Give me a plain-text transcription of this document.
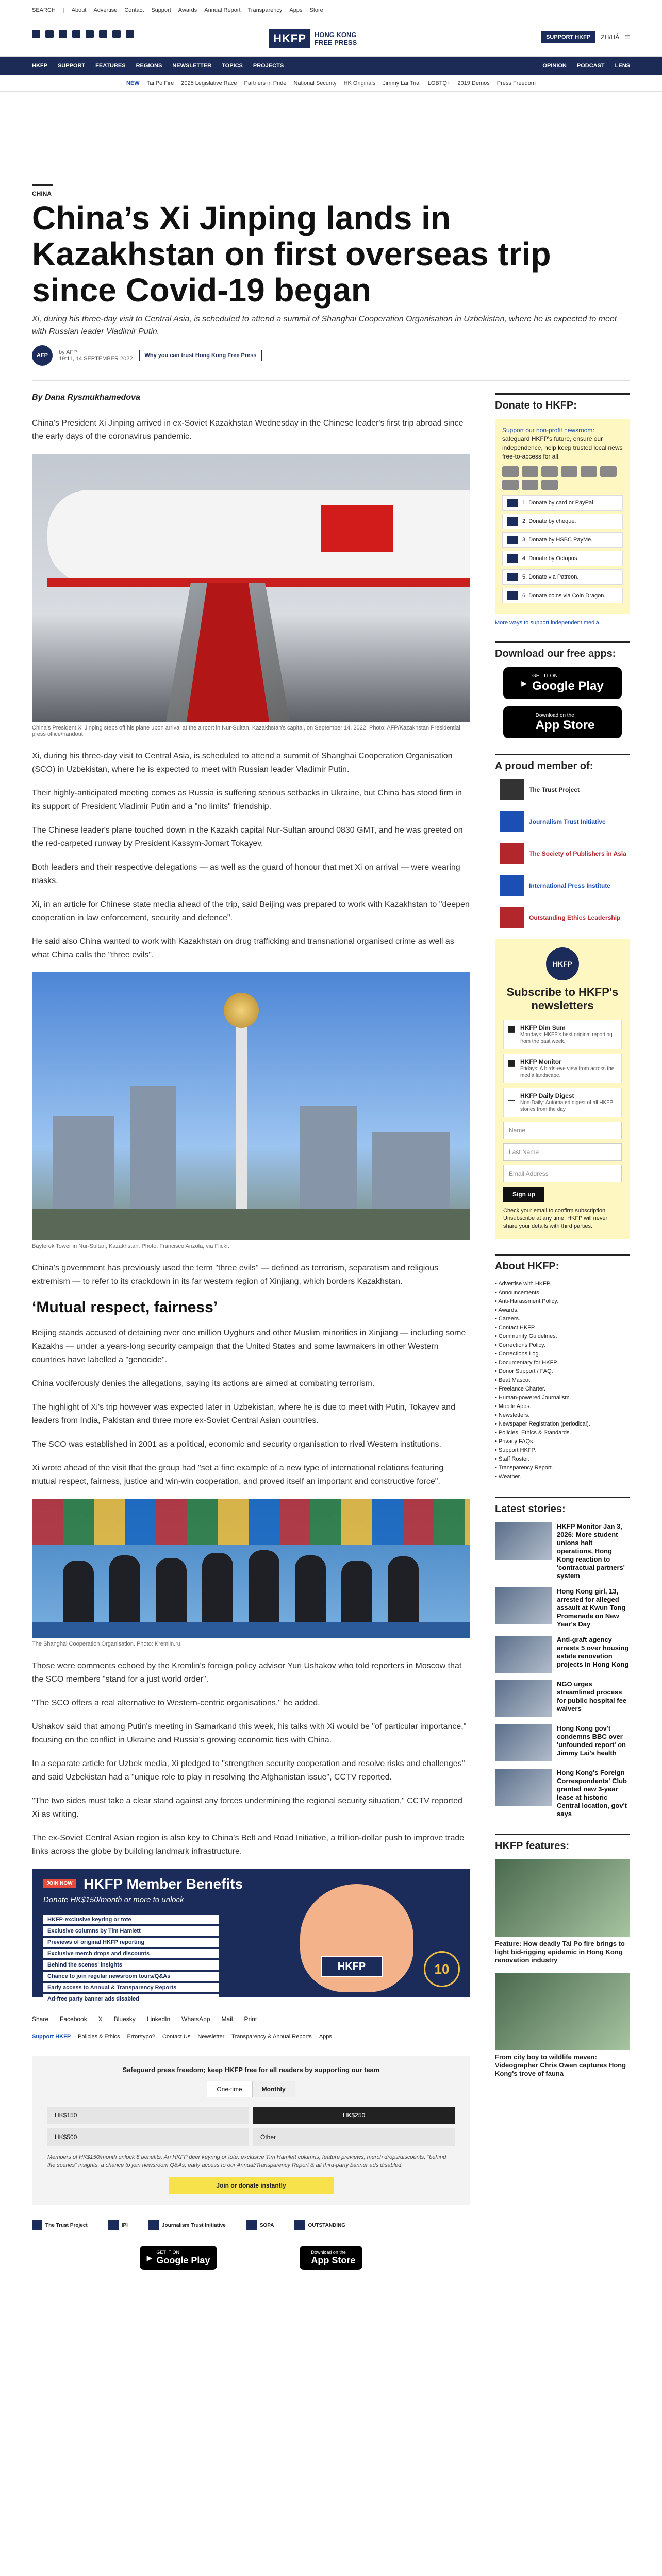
SEARCH | About Advertise Contact Support Awards Annual Report Transparency Apps Store
HKFP	HONG KONG
FREE PRESS
SUPPORT HKFP	ZH/HÅ ☰
HKFP SUPPORT FEATURES REGIONS NEWSLETTER TOPICS PROJECTS	OPINION PODCAST LENS
NEW Tai Po Fire 2025 Legislative Race Partners in Pride National Security HK Originals Jimmy Lai Trial LGBTQ+ 2019 Demos Press Freedom
CHINA
China’s Xi Jinping lands in Kazakhstan on first overseas trip since Covid-19 began
Xi, during his three-day visit to Central Asia, is scheduled to attend a summit of Shanghai Cooperation Organisation in Uzbekistan, where he is expected to meet with Russian leader Vladimir Putin.
AFP	by AFP
19:11, 14 SEPTEMBER 2022	Why you can trust Hong Kong Free Press
By Dana Rysmukhamedova

China's President Xi Jinping arrived in ex-Soviet Kazakhstan Wednesday in the Chinese leader's first trip abroad since the early days of the coronavirus pandemic.

China's President Xi Jinping steps off his plane upon arrival at the airport in Nur-Sultan, Kazakhstan's capital, on September 14, 2022. Photo: AFP/Kazakhstan Presidential press office/handout.

Xi, during his three-day visit to Central Asia, is scheduled to attend a summit of Shanghai Cooperation Organisation (SCO) in Uzbekistan, where he is expected to meet with Russian leader Vladimir Putin.

Their highly-anticipated meeting comes as Russia is suffering serious setbacks in Ukraine, but China has stood firm in its support of President Vladimir Putin and a "no limits" friendship.

The Chinese leader's plane touched down in the Kazakh capital Nur-Sultan around 0830 GMT, and he was greeted on the red-carpeted runway by President Kassym-Jomart Tokayev.

Both leaders and their respective delegations — as well as the guard of honour that met Xi on arrival — were wearing masks.

Xi, in an article for Chinese state media ahead of the trip, said Beijing was prepared to work with Kazakhstan to "deepen cooperation in law enforcement, security and defence".

He said also China wanted to work with Kazakhstan on drug trafficking and transnational organised crime as well as what China calls the "three evils".

Bayterek Tower in Nur-Sultan, Kazakhstan. Photo: Francisco Anzola, via Flickr.

China's government has previously used the term "three evils" — defined as terrorism, separatism and religious extremism — to refer to its crackdown in its far western region of Xinjiang, which borders Kazakhstan.

‘Mutual respect, fairness’

Beijing stands accused of detaining over one million Uyghurs and other Muslim minorities in Xinjiang — including some Kazakhs — under a years-long security campaign that the United States and some lawmakers in other Western countries have labelled a "genocide".

China vociferously denies the allegations, saying its actions are aimed at combating terrorism.

The highlight of Xi's trip however was expected later in Uzbekistan, where he is due to meet with Putin, Tokayev and leaders from India, Pakistan and three more ex-Soviet Central Asian countries.

The SCO was established in 2001 as a political, economic and security organisation to rival Western institutions.

Xi wrote ahead of the visit that the group had "set a fine example of a new type of international relations featuring mutual respect, fairness, justice and win-win cooperation, and proved itself an important and constructive force".

The Shanghai Cooperation Organisation. Photo: Kremlin.ru.

Those were comments echoed by the Kremlin's foreign policy advisor Yuri Ushakov who told reporters in Moscow that the SCO members "stand for a just world order".

"The SCO offers a real alternative to Western-centric organisations," he added.

Ushakov said that among Putin's meeting in Samarkand this week, his talks with Xi would be "of particular importance," focusing on the conflict in Ukraine and Russia's growing economic ties with China.

In a separate article for Uzbek media, Xi pledged to "strengthen security cooperation and resolve risks and challenges" and said Uzbekistan had a "unique role to play in resolving the Afghanistan issue", CCTV reported.

"The two sides must take a clear stand against any forces undermining the regional security situation," CCTV reported Xi as writing.

The ex-Soviet Central Asian region is also key to China's Belt and Road Initiative, a trillion-dollar push to improve trade links across the globe by building landmark infrastructure.

JOIN NOW HKFP Member Benefits
Donate HK$150/month or more to unlock
HKFP-exclusive keyring or tote
Exclusive columns by Tim Hamlett
Previews of original HKFP reporting
Exclusive merch drops and discounts
Behind the scenes' insights
Chance to join regular newsroom tours/Q&As
Early access to Annual & Transparency Reports
Ad-free party banner ads disabled
HKFP	10
Share Facebook X Bluesky LinkedIn WhatsApp Mail Print
Support HKFP Policies & Ethics Error/typo? Contact Us Newsletter Transparency & Annual Reports Apps
Safeguard press freedom; keep HKFP free for all readers by supporting our team
One-time	Monthly
HK$150	HK$250
HK$500	Other
Members of HK$150/month unlock 8 benefits: An HKFP deer keyring or tote, exclusive Tim Hamlett columns, feature previews, merch drops/discounts, "behind the scenes" insights, a chance to join newsroom Q&As, early access to our Annual/Transparency Report & all third-party banner ads disabled.
Join or donate instantly
The Trust Project	IPI	Journalism Trust Initiative	SOPA	OUTSTANDING
▶
GET IT ON
Google Play
Download on the
App Store
Donate to HKFP:
Support our non-profit newsroom: safeguard HKFP's future, ensure our independence, help keep trusted local news free-to-access for all.
1. Donate by card or PayPal.
2. Donate by cheque.
3. Donate by HSBC PayMe.
4. Donate by Octopus.
5. Donate via Patreon.
6. Donate coins via Coin Dragon.
More ways to support independent media.
Download our free apps:
▶
GET IT ON
Google Play
Download on the
App Store
A proud member of:
The Trust Project
Journalism Trust Initiative
The Society of Publishers in Asia
International Press Institute
Outstanding Ethics Leadership
HKFP
Subscribe to HKFP's newsletters
HKFP Dim Sum
Mondays: HKFP's best original reporting from the past week.
HKFP Monitor
Fridays: A birds-eye view from across the media landscape.
HKFP Daily Digest
Non-Daily: Automated digest of all HKFP stories from the day.
Name
Last Name
Email Address
Sign up
Check your email to confirm subscription. Unsubscribe at any time. HKFP will never share your details with third parties.
About HKFP:
• Advertise with HKFP.
• Announcements.
• Anti-Harassment Policy.
• Awards.
• Careers.
• Contact HKFP.
• Community Guidelines.
• Corrections Policy.
• Corrections Log.
• Documentary for HKFP.
• Donor Support / FAQ.
• Beat Mascot.
• Freelance Charter.
• Human-powered Journalism.
• Mobile Apps.
• Newsletters.
• Newspaper Registration (periodical).
• Policies, Ethics & Standards.
• Privacy FAQs.
• Support HKFP.
• Staff Roster.
• Transparency Report.
• Weather.
Latest stories:
HKFP Monitor Jan 3, 2026: More student unions halt operations, Hong Kong reaction to 'contractual partners' system
Hong Kong girl, 13, arrested for alleged assault at Kwun Tong Promenade on New Year's Day
Anti-graft agency arrests 5 over housing estate renovation projects in Hong Kong
NGO urges streamlined process for public hospital fee waivers
Hong Kong gov't condemns BBC over 'unfounded report' on Jimmy Lai's health
Hong Kong's Foreign Correspondents' Club granted new 3-year lease at historic Central location, gov't says
HKFP features:
Feature: How deadly Tai Po fire brings to light bid-rigging epidemic in Hong Kong renovation industry
From city boy to wildlife maven: Videographer Chris Owen captures Hong Kong's trove of fauna
